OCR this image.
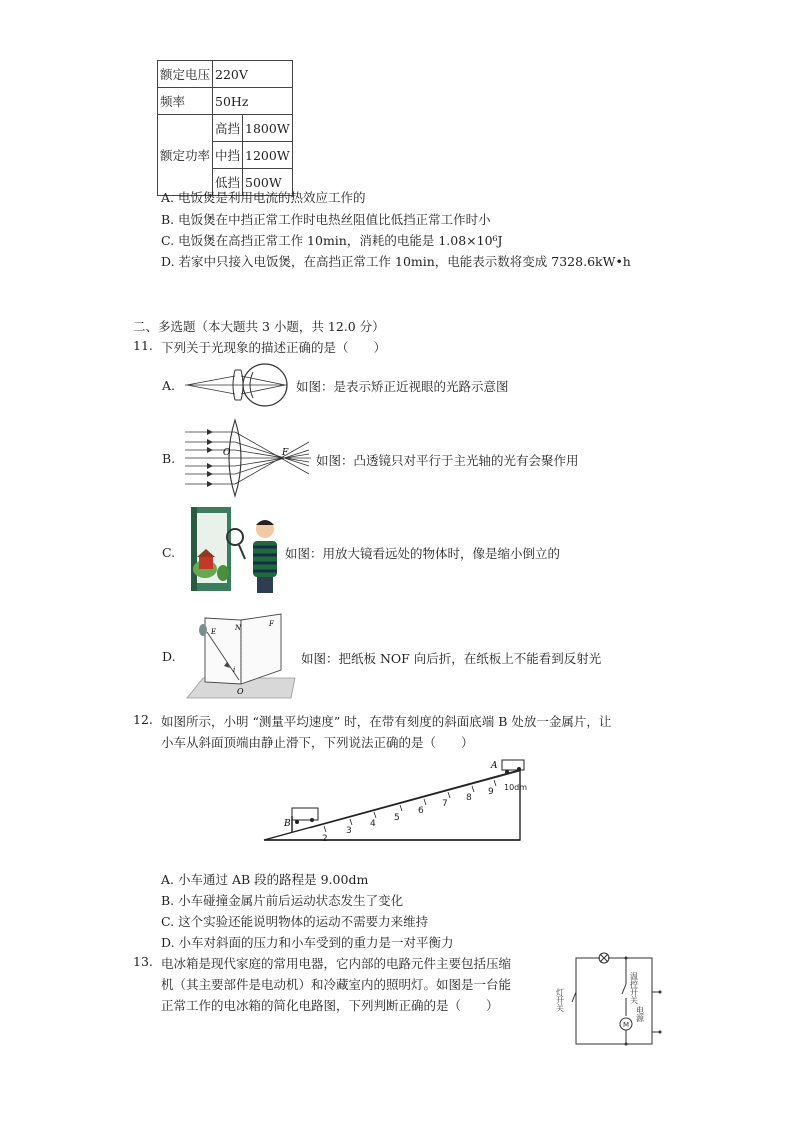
额定电压	220V	
频率	50Hz	
额定功率	高挡	1800W
	中挡	1200W
	低挡	500W
A. 电饭煲是利用电流的热效应工作的
B. 电饭煲在中挡正常工作时电热丝阻值比低挡正常工作时小
C. 电饭煲在高挡正常工作 10min，消耗的电能是 1.08×10⁶J
D. 若家中只接入电饭煲，在高挡正常工作 10min，电能表示数将变成 7328.6kW•h
二、多选题（本大题共 3 小题，共 12.0 分）
11. 下列关于光现象的描述正确的是（　　）
A.	如图：是表示矫正近视眼的光路示意图
B.	O	F 如图：凸透镜只对平行于主光轴的光有会聚作用
C.	如图：用放大镜看远处的物体时，像是缩小倒立的
D.
E	N	F
i
O
如图：把纸板 NOF 向后折，在纸板上不能看到反射光
12. 如图所示，小明 “测量平均速度” 时，在带有刻度的斜面底端 B 处放一金属片，让
小车从斜面顶端由静止滑下，下列说法正确的是（　　）
2
3
4
5
6
7
8
9 10dm
A
B
A. 小车通过 AB 段的路程是 9.00dm
B. 小车碰撞金属片前后运动状态发生了变化
C. 这个实验还能说明物体的运动不需要力来维持
D. 小车对斜面的压力和小车受到的重力是一对平衡力
13. 电冰箱是现代家庭的常用电器，它内部的电路元件主要包括压缩
机（其主要部件是电动机）和冷藏室内的照明灯。如图是一台能
正常工作的电冰箱的简化电路图，下列判断正确的是（　　）	灯开关	温控开关
电源
M
